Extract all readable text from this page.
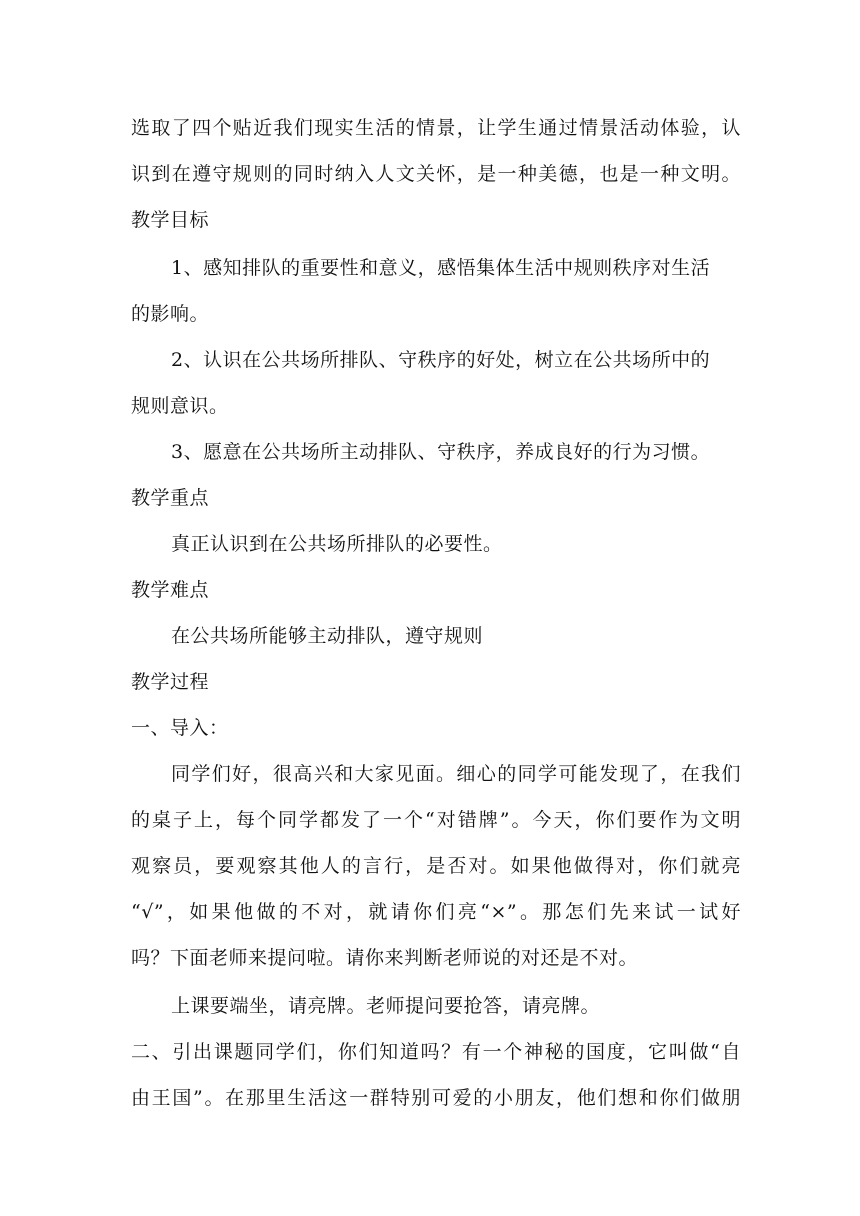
选取了四个贴近我们现实生活的情景，让学生通过情景活动体验，认
识到在遵守规则的同时纳入人文关怀，是一种美德，也是一种文明。
教学目标
1、感知排队的重要性和意义，感悟集体生活中规则秩序对生活
的影响。
2、认识在公共场所排队、守秩序的好处，树立在公共场所中的
规则意识。
3、愿意在公共场所主动排队、守秩序，养成良好的行为习惯。
教学重点
真正认识到在公共场所排队的必要性。
教学难点
在公共场所能够主动排队，遵守规则
教学过程
一、导入：
同学们好，很高兴和大家见面。细心的同学可能发现了，在我们
的桌子上，每个同学都发了一个“对错牌”。今天，你们要作为文明
观察员，要观察其他人的言行，是否对。如果他做得对，你们就亮
“√”，如果他做的不对，就请你们亮“×”。那怎们先来试一试好
吗？下面老师来提问啦。请你来判断老师说的对还是不对。
上课要端坐，请亮牌。老师提问要抢答，请亮牌。
二、引出课题同学们，你们知道吗？有一个神秘的国度，它叫做“自
由王国”。在那里生活这一群特别可爱的小朋友，他们想和你们做朋
